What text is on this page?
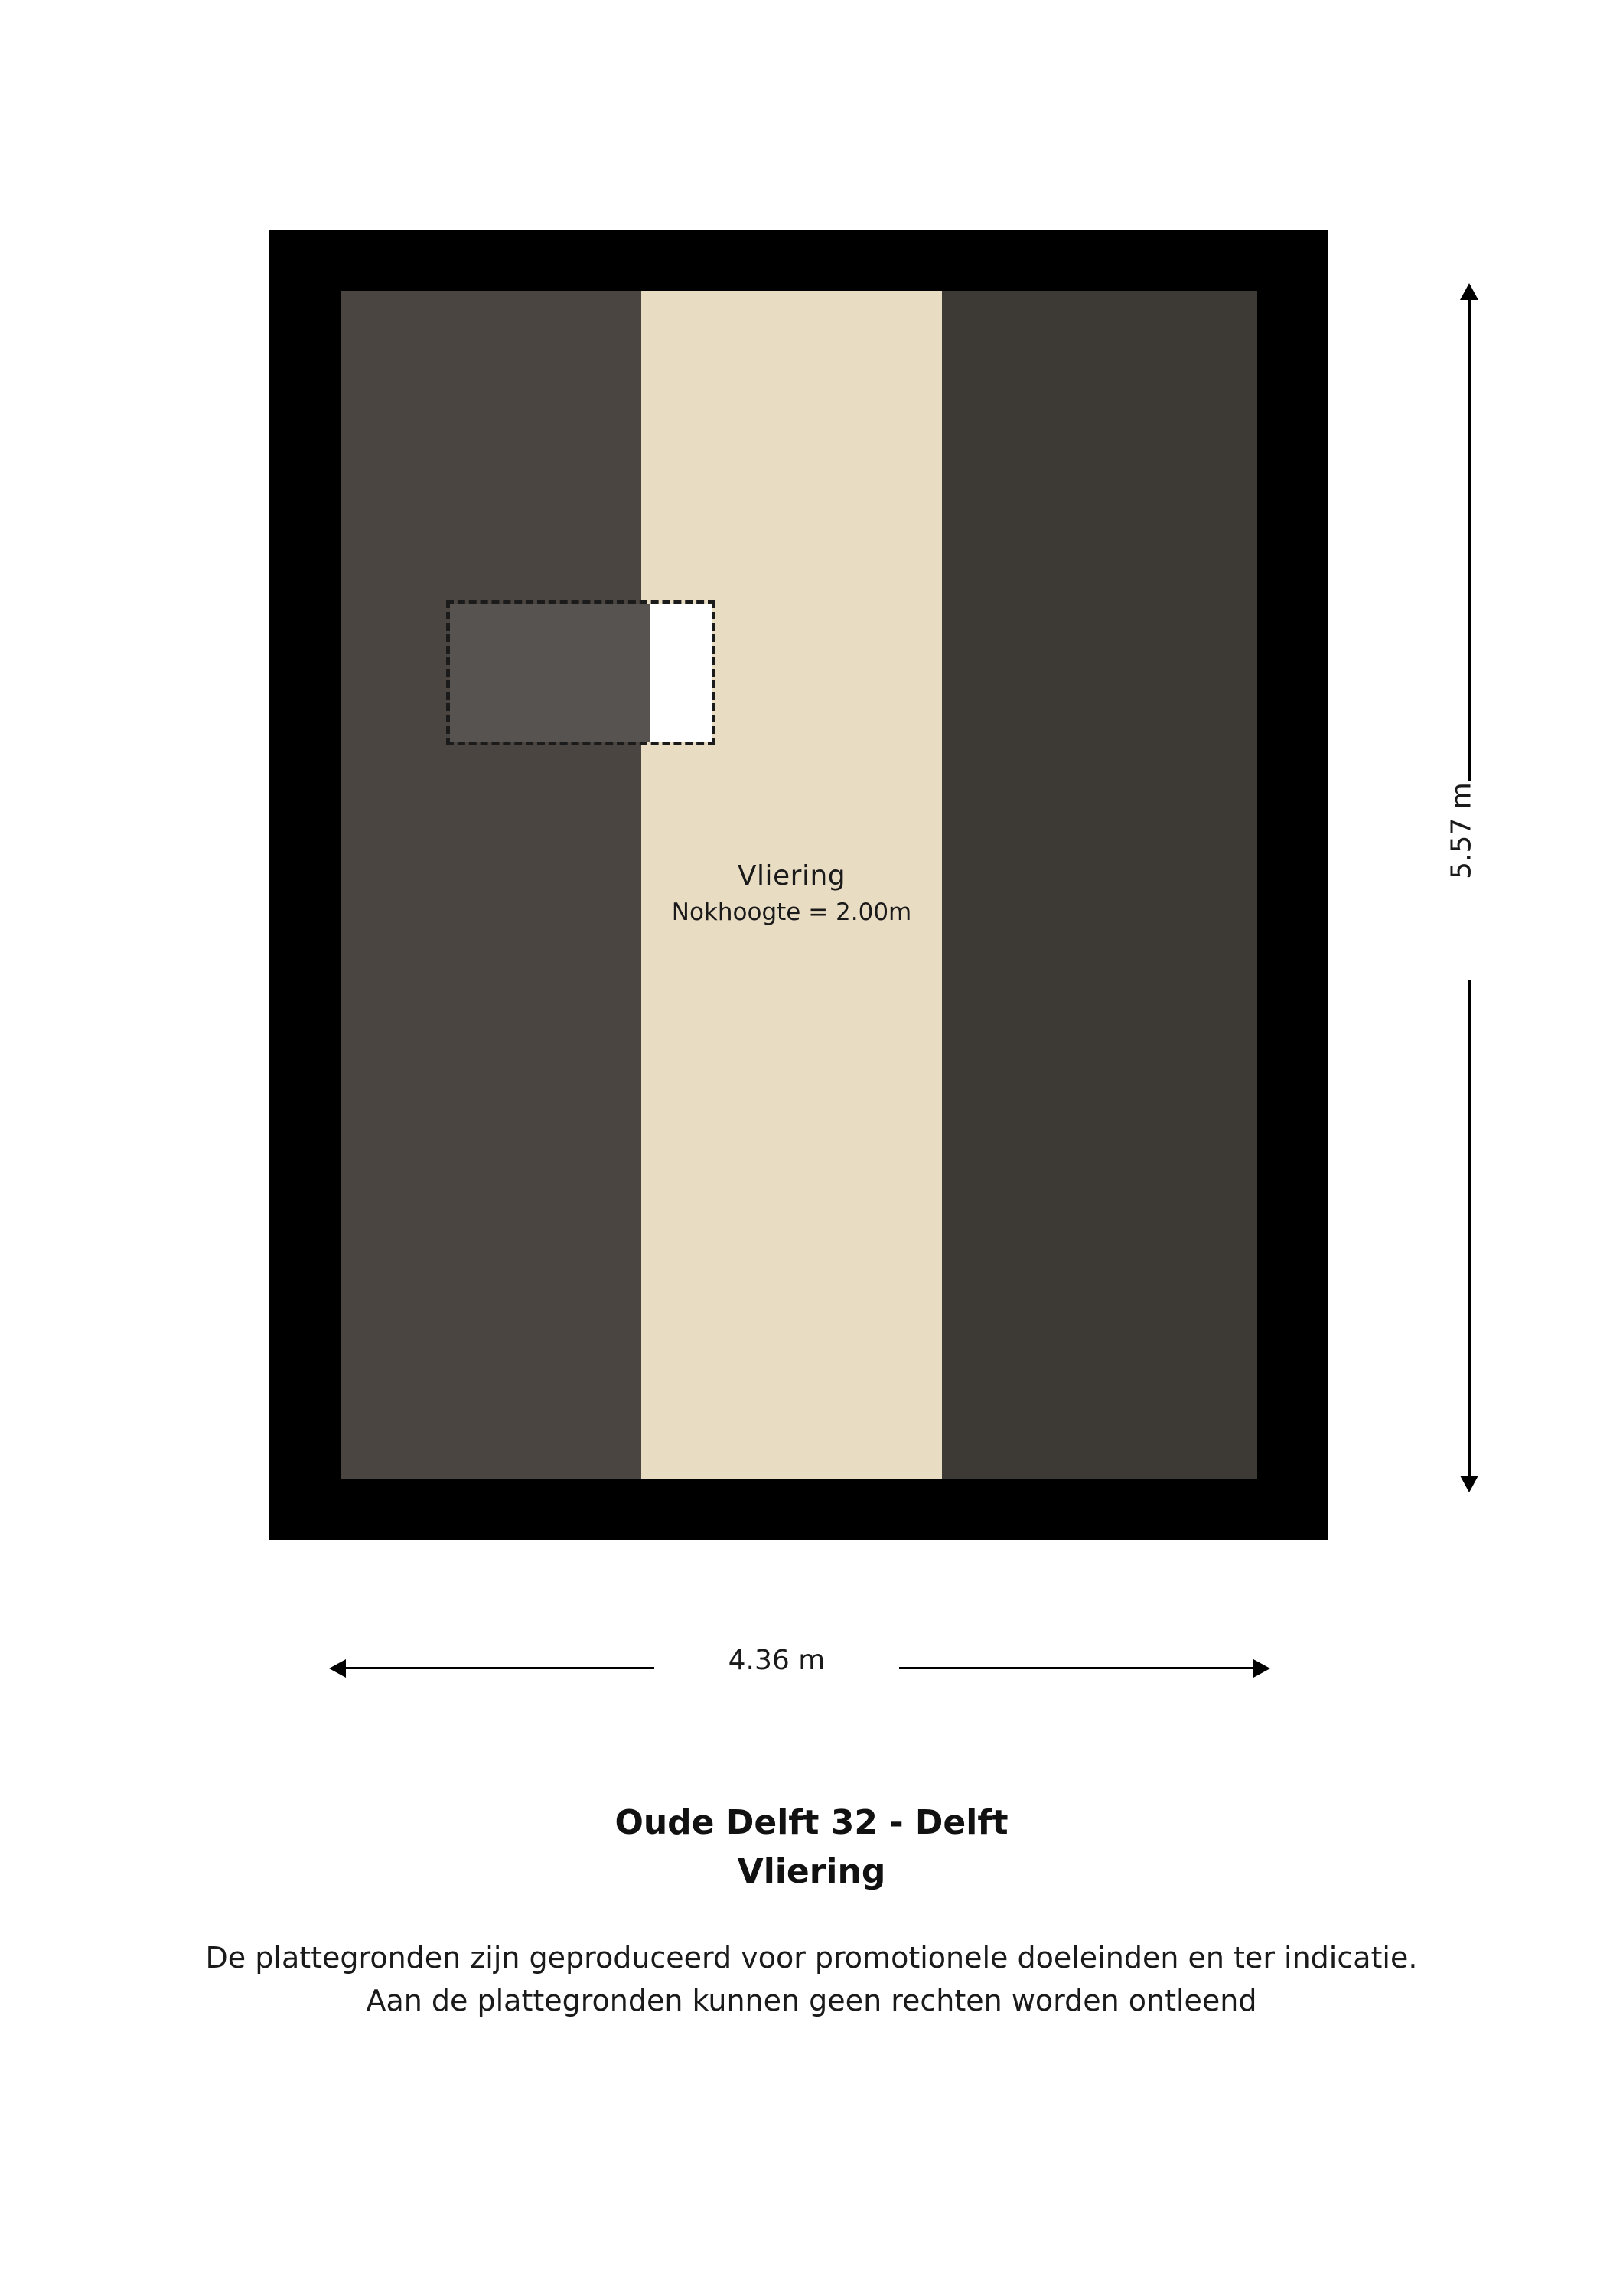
Vliering
Nokhoogte = 2.00m
5.57 m
4.36 m
Oude Delft 32 - Delft
Vliering
De plattegronden zijn geproduceerd voor promotionele doeleinden en ter indicatie.
Aan de plattegronden kunnen geen rechten worden ontleend
